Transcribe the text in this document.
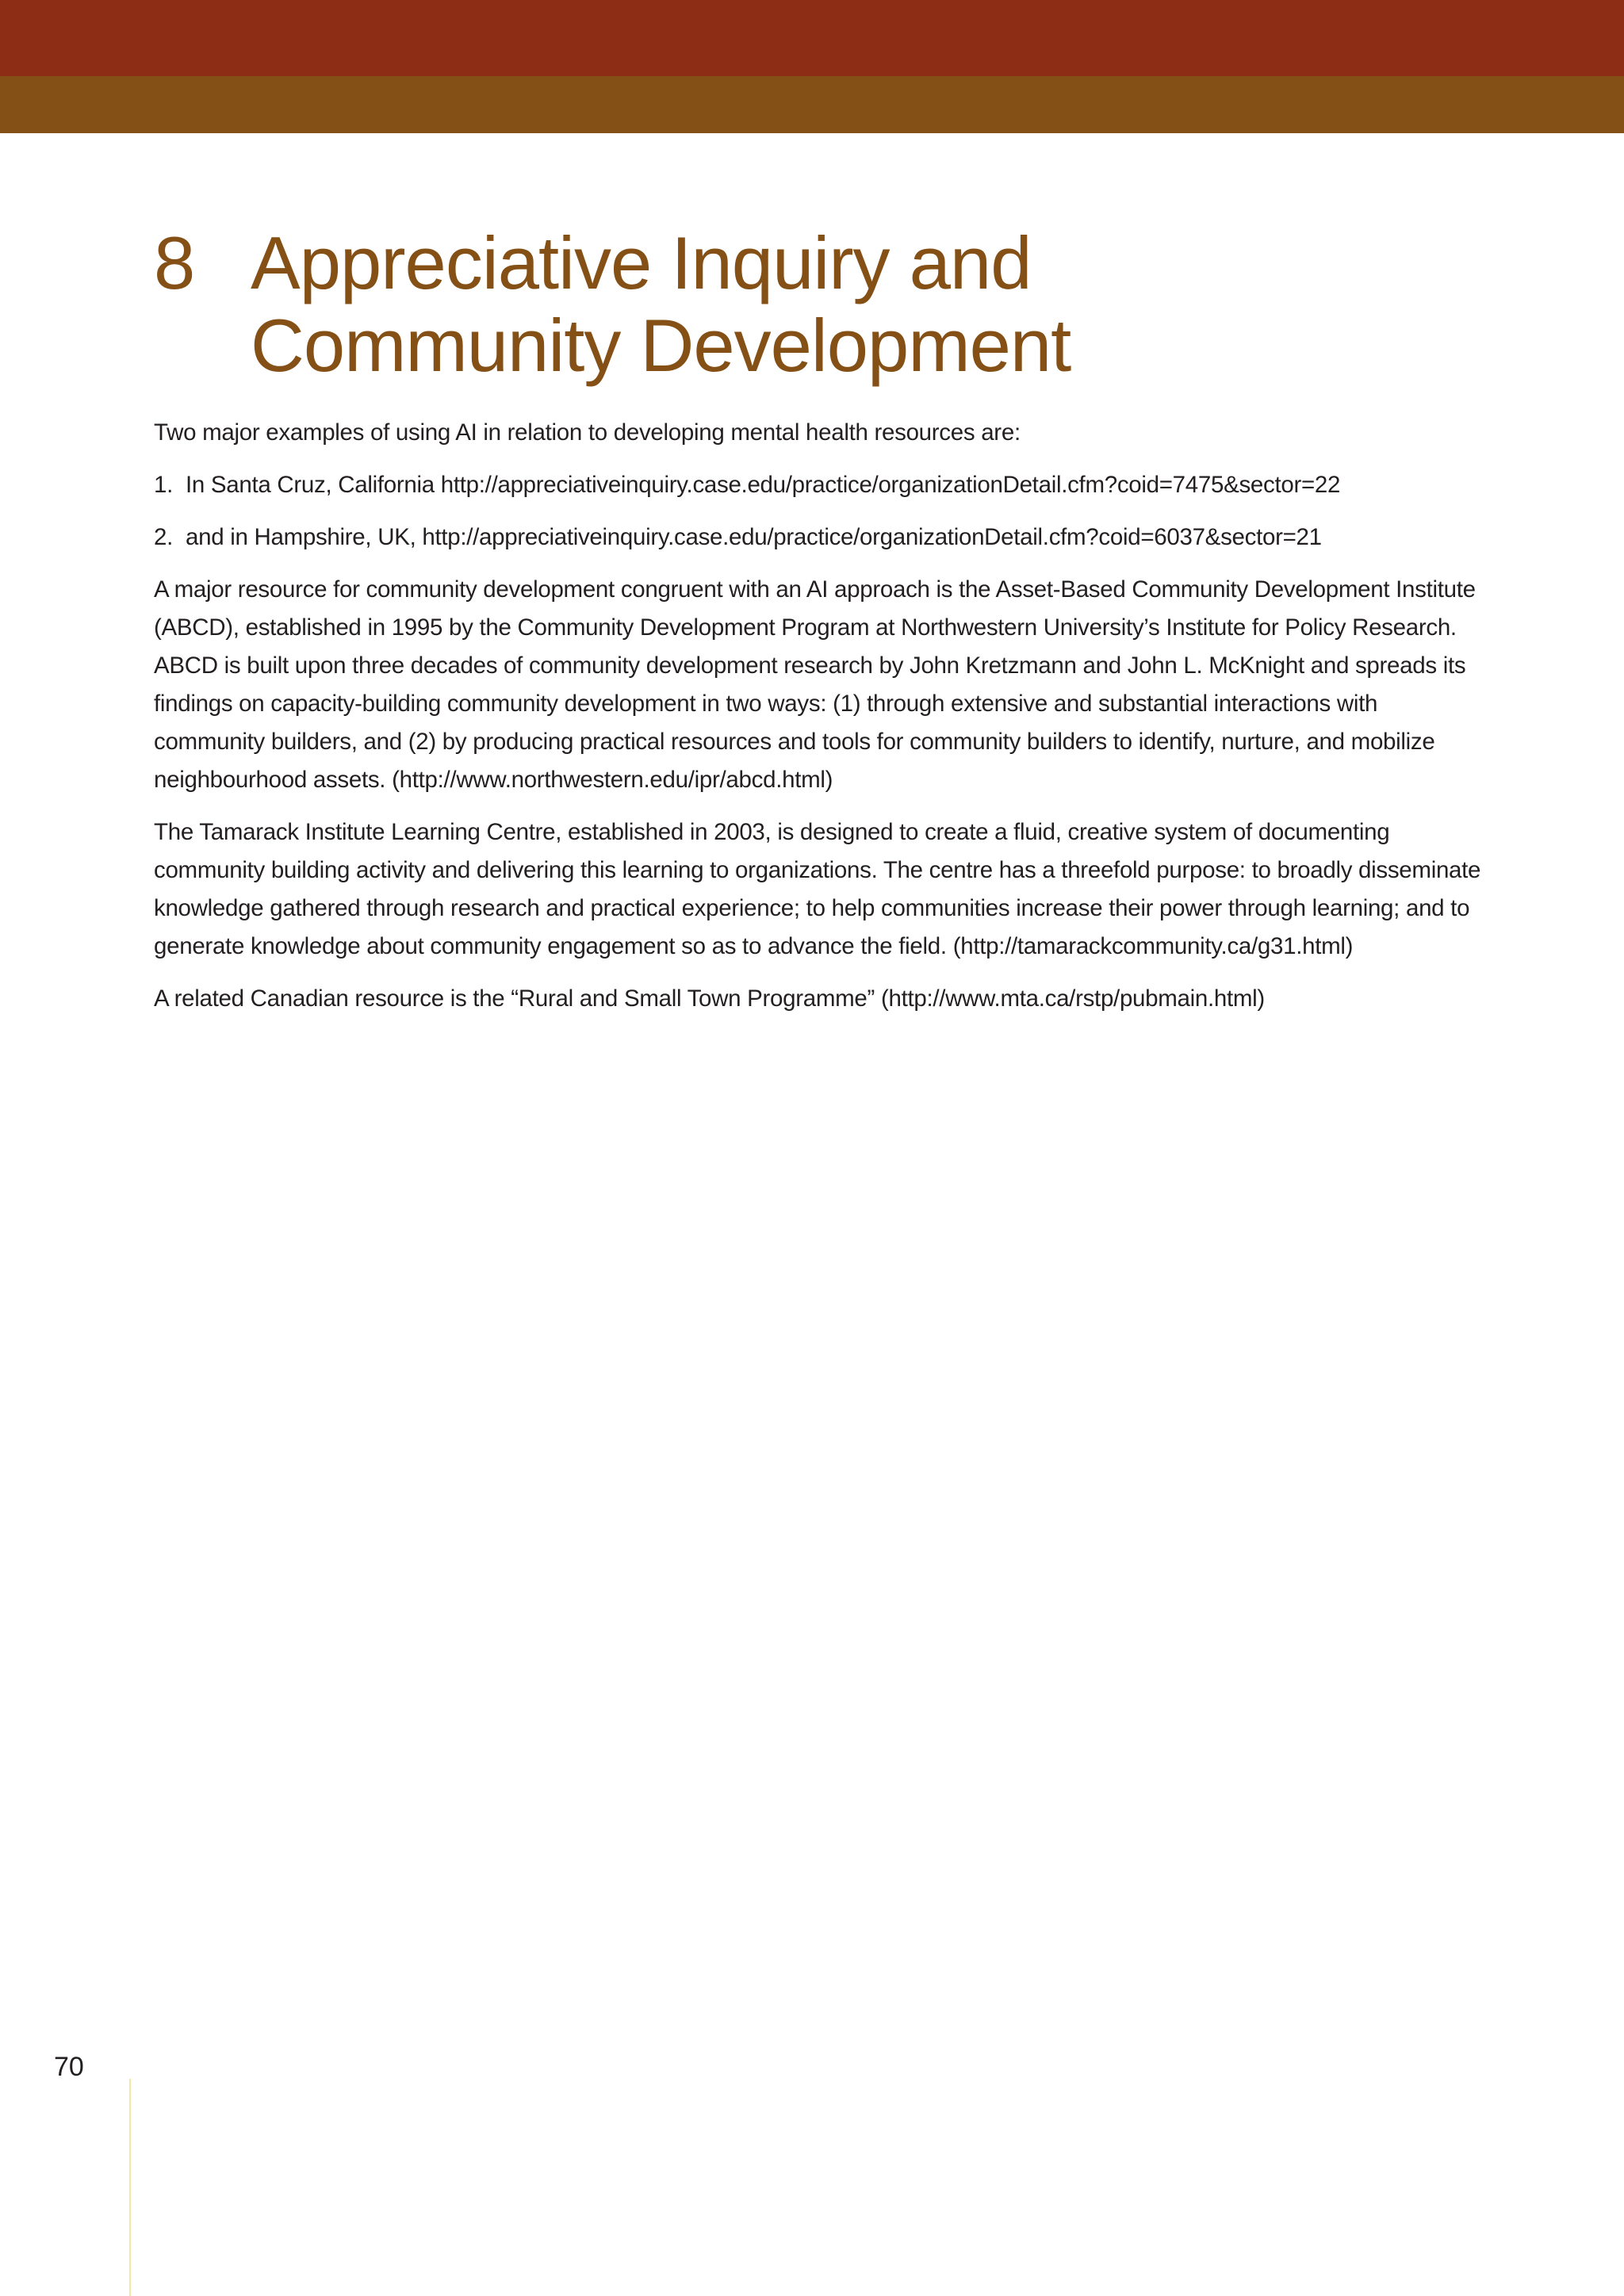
8 Appreciative Inquiry and
Community Development

Two major examples of using AI in relation to developing mental health resources are:

1. In Santa Cruz, California http://appreciativeinquiry.case.edu/practice/organizationDetail.cfm?coid=7475&sector=22
2. and in Hampshire, UK, http://appreciativeinquiry.case.edu/practice/organizationDetail.cfm?coid=6037&sector=21

A major resource for community development congruent with an AI approach is the Asset-Based Community Development Institute (ABCD), established in 1995 by the Community Development Program at Northwestern University’s Institute for Policy Research. ABCD is built upon three decades of community development research by John Kretzmann and John L. McKnight and spreads its findings on capacity-building community development in two ways: (1) through extensive and substantial interactions with community builders, and (2) by producing practical resources and tools for community builders to identify, nurture, and mobilize neighbourhood assets. (http://www.northwestern.edu/ipr/abcd.html)

The Tamarack Institute Learning Centre, established in 2003, is designed to create a fluid, creative system of documenting community building activity and delivering this learning to organizations. The centre has a threefold purpose: to broadly disseminate knowledge gathered through research and practical experience; to help communities increase their power through learning; and to generate knowledge about community engagement so as to advance the field. (http://tamarackcommunity.ca/g31.html)

A related Canadian resource is the “Rural and Small Town Programme” (http://www.mta.ca/rstp/pubmain.html)

70
